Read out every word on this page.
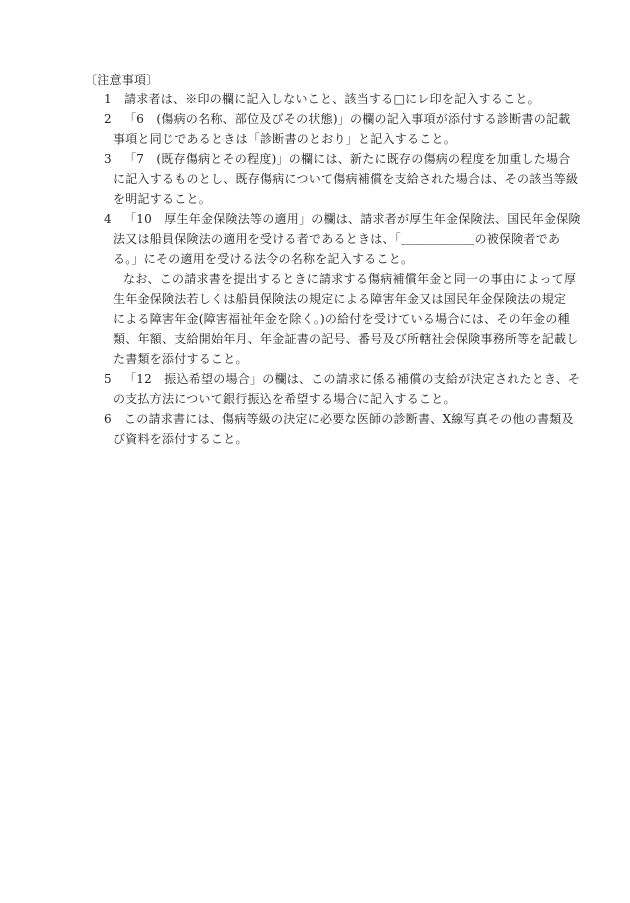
〔注意事項〕
1 請求者は、※印の欄に記入しないこと、該当する□にレ印を記入すること。
2 「6　(傷病の名称、部位及びその状態)」の欄の記入事項が添付する診断書の記載
事項と同じであるときは「診断書のとおり」と記入すること。
3 「7　(既存傷病とその程度)」の欄には、新たに既存の傷病の程度を加重した場合
に記入するものとし、既存傷病について傷病補償を支給された場合は、その該当等級
を明記すること。
4 「10　厚生年金保険法等の適用」の欄は、請求者が厚生年金保険法、国民年金保険
法又は船員保険法の適用を受ける者であるときは、「＿＿＿＿＿＿の被保険者であ
る。」にその適用を受ける法令の名称を記入すること。
なお、この請求書を提出するときに請求する傷病補償年金と同一の事由によって厚
生年金保険法若しくは船員保険法の規定による障害年金又は国民年金保険法の規定
による障害年金(障害福祉年金を除く。)の給付を受けている場合には、その年金の種
類、年額、支給開始年月、年金証書の記号、番号及び所轄社会保険事務所等を記載し
た書類を添付すること。
5 「12　振込希望の場合」の欄は、この請求に係る補償の支給が決定されたとき、そ
の支払方法について銀行振込を希望する場合に記入すること。
6 この請求書には、傷病等級の決定に必要な医師の診断書、X線写真その他の書類及
び資料を添付すること。
